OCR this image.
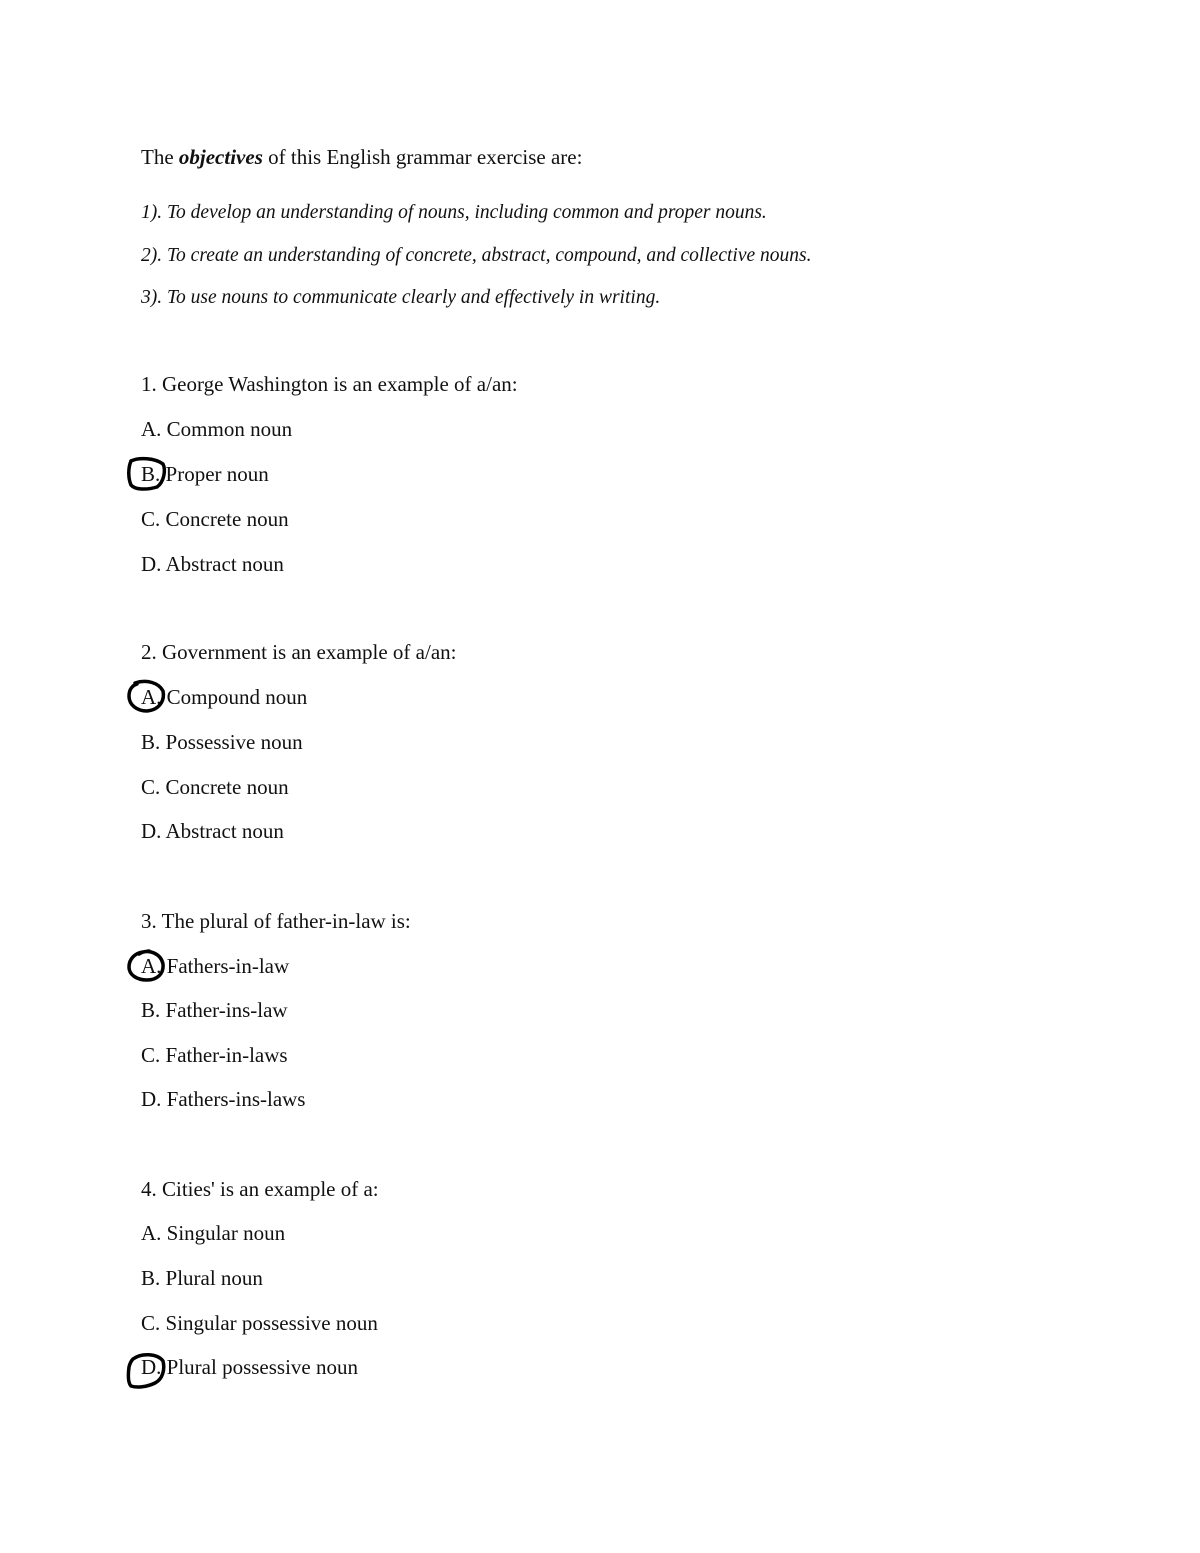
The objectives of this English grammar exercise are:
1). To develop an understanding of nouns, including common and proper nouns.
2). To create an understanding of concrete, abstract, compound, and collective nouns.
3). To use nouns to communicate clearly and effectively in writing.
1. George Washington is an example of a/an:
A. Common noun
B.
Proper noun
C. Concrete noun
D. Abstract noun
2. Government is an example of a/an:
A.
Compound noun
B. Possessive noun
C. Concrete noun
D. Abstract noun
3. The plural of father-in-law is:
A.
Fathers-in-law
B. Father-ins-law
C. Father-in-laws
D. Fathers-ins-laws
4. Cities' is an example of a:
A. Singular noun
B. Plural noun
C. Singular possessive noun
D.
Plural possessive noun
